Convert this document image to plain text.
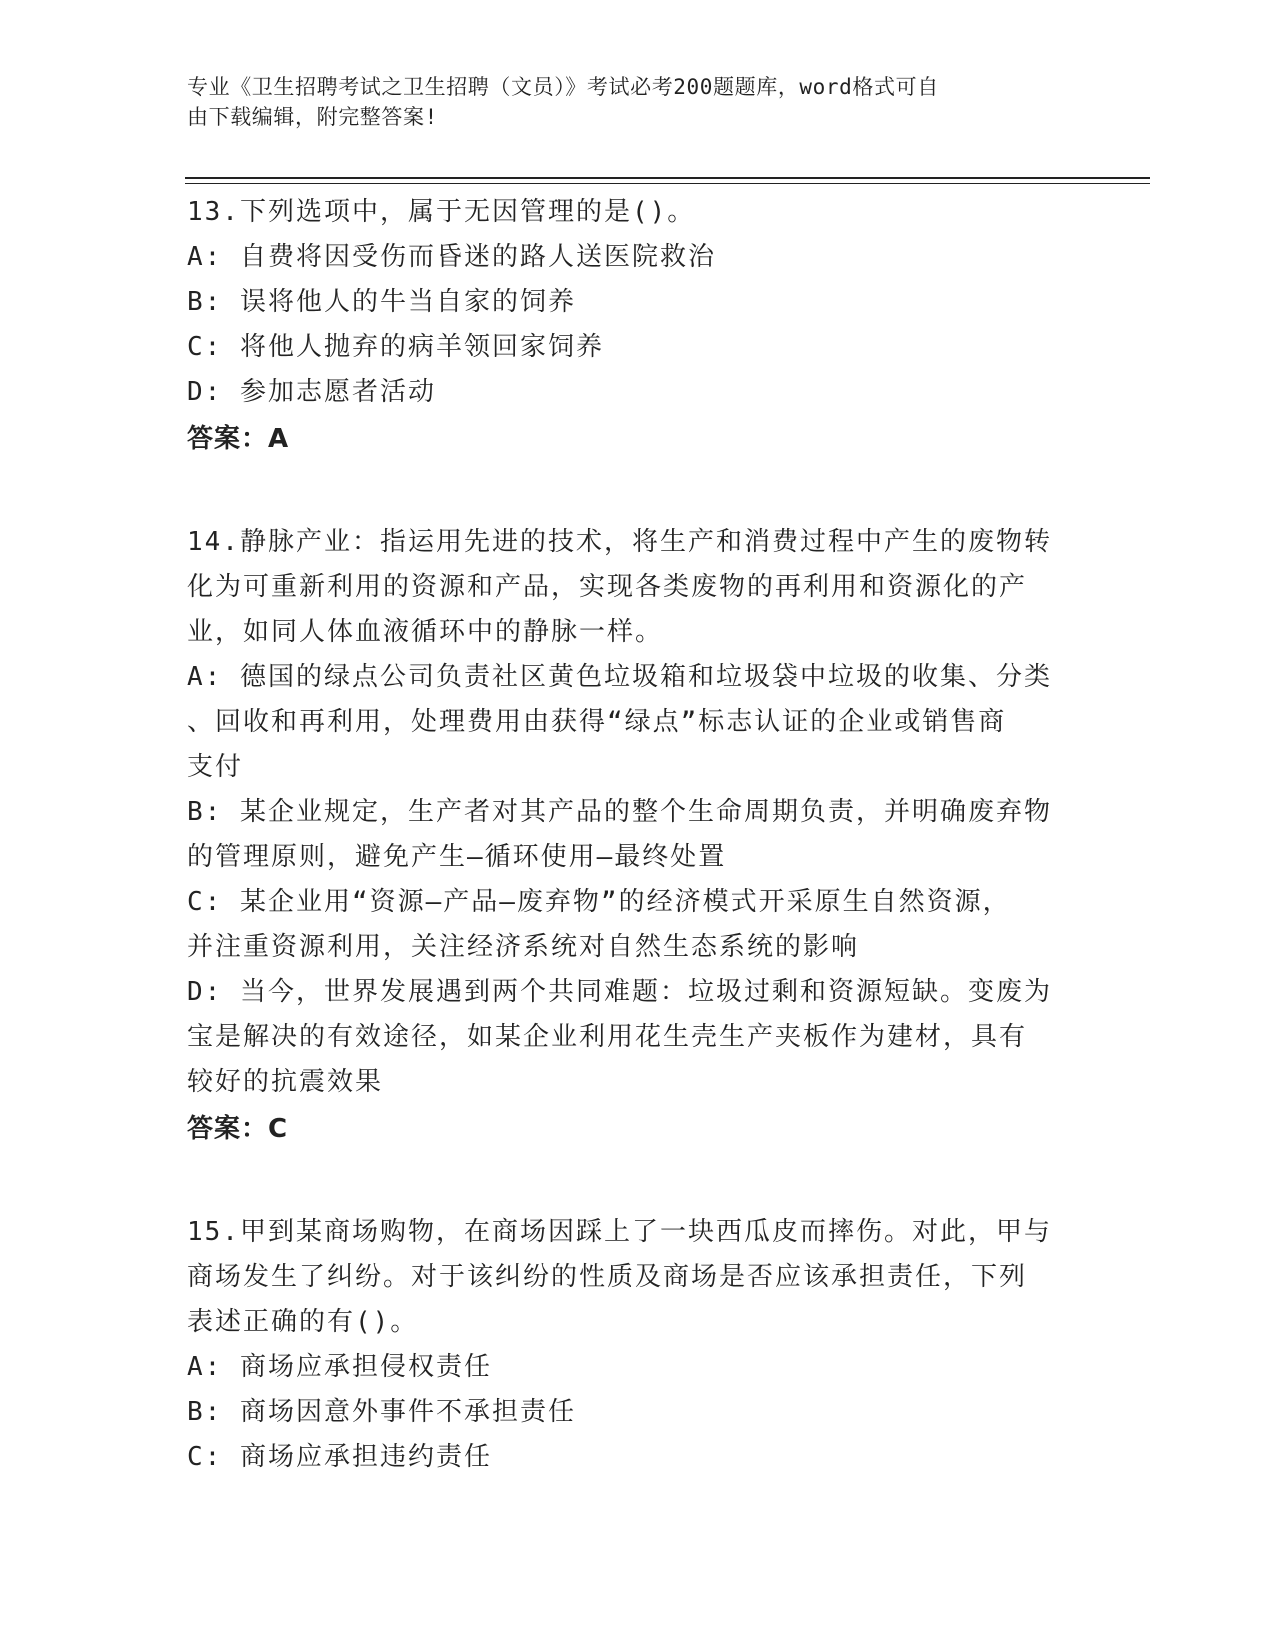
专业《卫生招聘考试之卫生招聘（文员）》考试必考200题题库，word格式可自
由下载编辑，附完整答案!

13.下列选项中，属于无因管理的是()。

A: 自费将因受伤而昏迷的路人送医院救治

B: 误将他人的牛当自家的饲养

C: 将他人抛弃的病羊领回家饲养

D: 参加志愿者活动

答案：A

14.静脉产业：指运用先进的技术，将生产和消费过程中产生的废物转

化为可重新利用的资源和产品，实现各类废物的再利用和资源化的产

业，如同人体血液循环中的静脉一样。

A: 德国的绿点公司负责社区黄色垃圾箱和垃圾袋中垃圾的收集、分类

、回收和再利用，处理费用由获得“绿点”标志认证的企业或销售商

支付

B: 某企业规定，生产者对其产品的整个生命周期负责，并明确废弃物

的管理原则，避免产生—循环使用—最终处置

C: 某企业用“资源—产品—废弃物”的经济模式开采原生自然资源，

并注重资源利用，关注经济系统对自然生态系统的影响

D: 当今，世界发展遇到两个共同难题：垃圾过剩和资源短缺。变废为

宝是解决的有效途径，如某企业利用花生壳生产夹板作为建材，具有

较好的抗震效果

答案：C

15.甲到某商场购物，在商场因踩上了一块西瓜皮而摔伤。对此，甲与

商场发生了纠纷。对于该纠纷的性质及商场是否应该承担责任，下列

表述正确的有()。

A: 商场应承担侵权责任

B: 商场因意外事件不承担责任

C: 商场应承担违约责任
